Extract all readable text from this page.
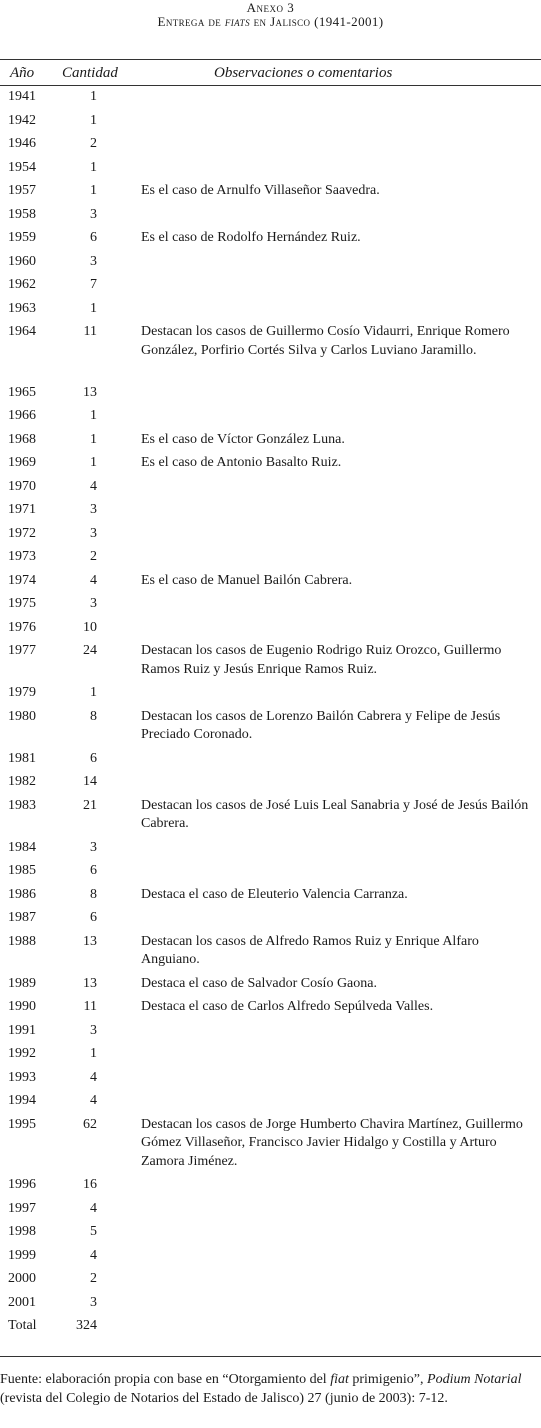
Anexo 3
Entrega de fiats en Jalisco (1941-2001)
Año Cantidad	Observaciones o comentarios
1941	1
1942	1
1946	2
1954	1
1957	1	Es el caso de Arnulfo Villaseñor Saavedra.
1958	3
1959	6	Es el caso de Rodolfo Hernández Ruiz.
1960	3
1962	7
1963	1
1964	11	Destacan los casos de Guillermo Cosío Vidaurri, Enrique Romero González, Porfirio Cortés Silva y Carlos Luviano Jaramillo.
1965	13
1966	1
1968	1	Es el caso de Víctor González Luna.
1969	1	Es el caso de Antonio Basalto Ruiz.
1970	4
1971	3
1972	3
1973	2
1974	4	Es el caso de Manuel Bailón Cabrera.
1975	3
1976	10
1977	24	Destacan los casos de Eugenio Rodrigo Ruiz Orozco, Guillermo Ramos Ruiz y Jesús Enrique Ramos Ruiz.
1979	1
1980	8	Destacan los casos de Lorenzo Bailón Cabrera y Felipe de Jesús Preciado Coronado.
1981	6
1982	14
1983	21	Destacan los casos de José Luis Leal Sanabria y José de Jesús Bailón Cabrera.
1984	3
1985	6
1986	8	Destaca el caso de Eleuterio Valencia Carranza.
1987	6
1988	13	Destacan los casos de Alfredo Ramos Ruiz y Enrique Alfaro Anguiano.
1989	13	Destaca el caso de Salvador Cosío Gaona.
1990	11	Destaca el caso de Carlos Alfredo Sepúlveda Valles.
1991	3
1992	1
1993	4
1994	4
1995	62	Destacan los casos de Jorge Humberto Chavira Martínez, Guillermo Gómez Villaseñor, Francisco Javier Hidalgo y Costilla y Arturo Zamora Jiménez.
1996	16
1997	4
1998	5
1999	4
2000	2
2001	3
Total	324
Fuente: elaboración propia con base en “Otorgamiento del fiat primigenio”, Podium Notarial (revista del Colegio de Notarios del Estado de Jalisco) 27 (junio de 2003): 7-12.
